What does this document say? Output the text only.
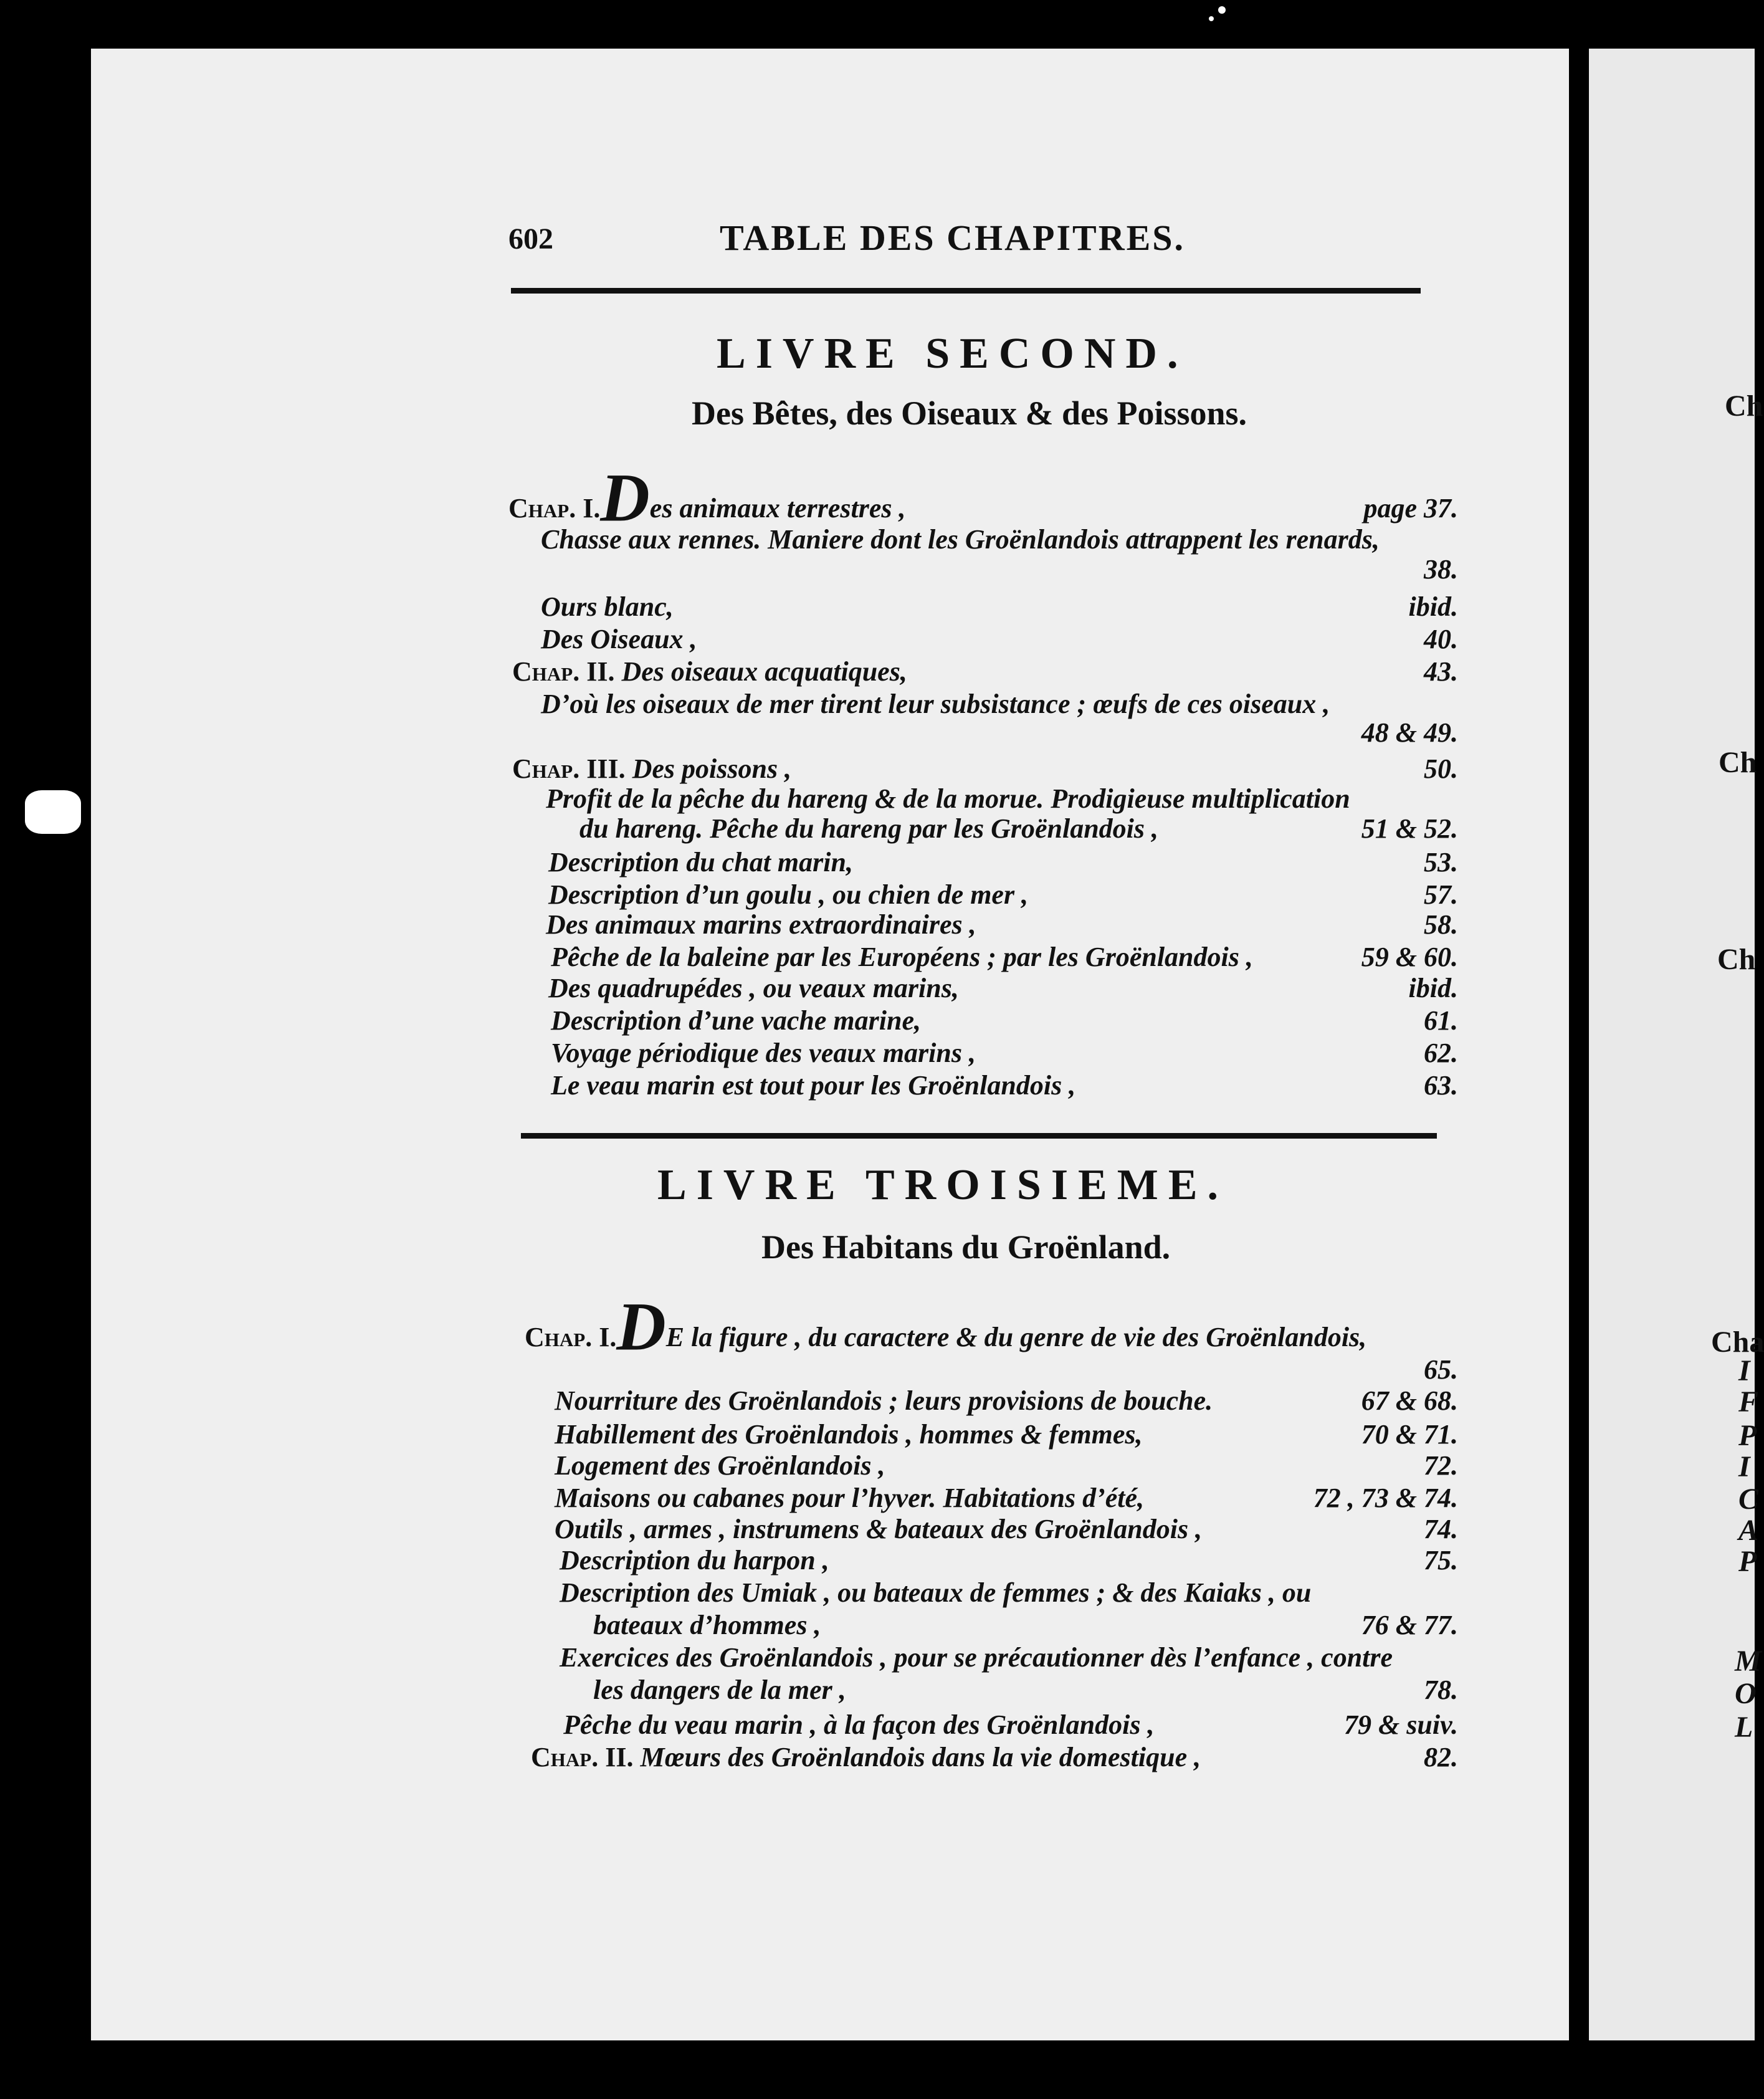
602	TABLE DES CHAPITRES.
LIVRE SECOND.
Des Bêtes, des Oiseaux & des Poissons.
Chap. I.Des animaux terrestres ,	page 37.
Chasse aux rennes. Maniere dont les Groënlandois attrappent les renards,
38.
Ours blanc,	ibid.
Des Oiseaux ,	40.
Chap. II. Des oiseaux acquatiques,	43.
D’où les oiseaux de mer tirent leur subsistance ; œufs de ces oiseaux ,
48 & 49.
Chap. III. Des poissons ,	50.
Profit de la pêche du hareng & de la morue. Prodigieuse multiplication
du hareng. Pêche du hareng par les Groënlandois ,	51 & 52.
Description du chat marin,	53.
Description d’un goulu , ou chien de mer ,	57.
Des animaux marins extraordinaires ,	58.
Pêche de la baleine par les Européens ; par les Groënlandois ,	59 & 60.
Des quadrupédes , ou veaux marins,	ibid.
Description d’une vache marine,	61.
Voyage périodique des veaux marins ,	62.
Le veau marin est tout pour les Groënlandois ,	63.
LIVRE TROISIEME.
Des Habitans du Groënland.
Chap. I.DE la figure , du caractere & du genre de vie des Groënlandois,
65.
Nourriture des Groënlandois ; leurs provisions de bouche.	67 & 68.
Habillement des Groënlandois , hommes & femmes,	70 & 71.
Logement des Groënlandois ,	72.
Maisons ou cabanes pour l’hyver. Habitations d’été,	72 , 73 & 74.
Outils , armes , instrumens & bateaux des Groënlandois ,	74.
Description du harpon ,	75.
Description des Umiak , ou bateaux de femmes ; & des Kaiaks , ou
bateaux d’hommes ,	76 & 77.
Exercices des Groënlandois , pour se précautionner dès l’enfance , contre
les dangers de la mer ,	78.
Pêche du veau marin , à la façon des Groënlandois ,	79 & suiv.
Chap. II. Mœurs des Groënlandois dans la vie domestique ,	82.
Ch
Ch
Ch
Cha
I
F
P
I
C
A
P
M
O
L
